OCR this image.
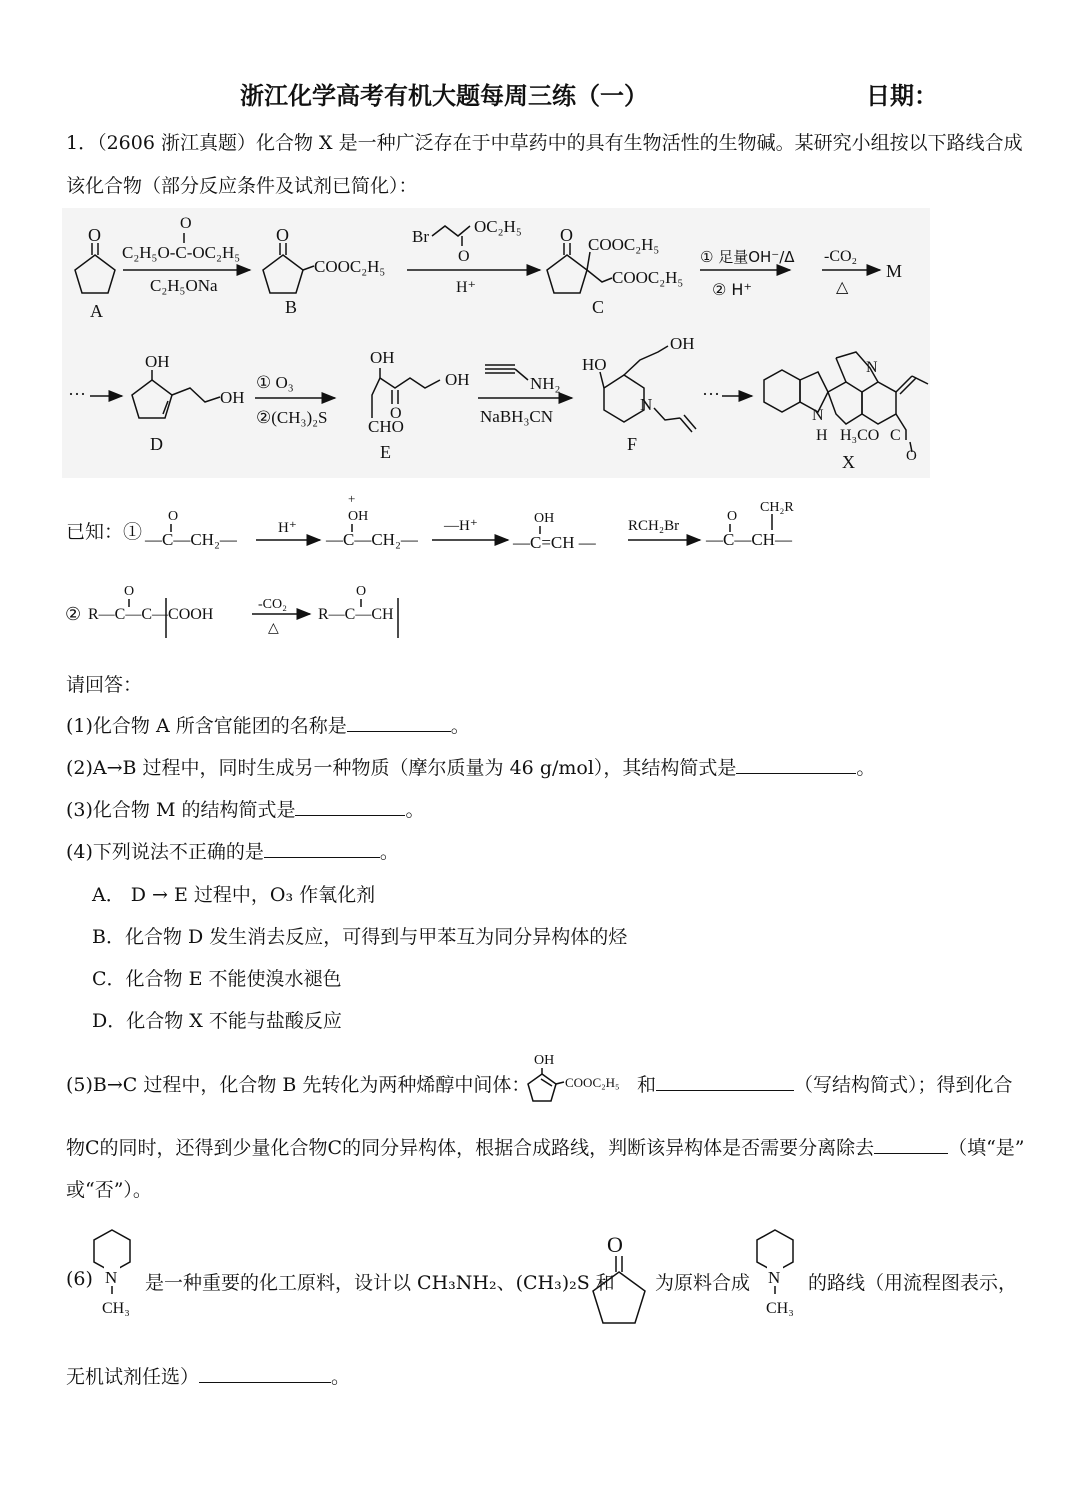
浙江化学高考有机大题每周三练（一）	日期：
1．（2606 浙江真题）化合物 X 是一种广泛存在于中草药中的具有生物活性的生物碱。某研究小组按以下路线合成
该化合物（部分反应条件及试剂已简化）：
O
A
O
C₂H₅O-C-OC₂H₅
C₂H₅ONa
O
COOC₂H₅
B
Br
O
OC₂H₅
H⁺
O COOC₂H₅
COOC₂H₅
C
① 足量OH⁻/Δ
② H⁺
-CO₂
△
M
···
OH
OH
D
① O₃
②(CH₃)₂S
OH
O
OH
CHO
E
NH₂
NaBH₃CN
HO
OH
N
F
···
N
N
H H₃CO C
O
X
已知：① —C—CH₂—
O
H⁺
—C—CH₂—
+
OH
—H⁺
—C=CH —
OH	RCH₂Br
—C—CH—
O
CH₂R
② R—C—C—COOH
O
-CO₂
△
R—C—CH
O
请回答：
(1)化合物 A 所含官能团的名称是	。
(2)A→B 过程中，同时生成另一种物质（摩尔质量为 46 g/mol），其结构简式是	。
(3)化合物 M 的结构简式是	。
(4)下列说法不正确的是	。
A． D → E 过程中，O₃ 作氧化剂
B．化合物 D 发生消去反应，可得到与甲苯互为同分异构体的烃
C．化合物 E 不能使溴水褪色
D．化合物 X 不能与盐酸反应
(5)B→C 过程中，化合物 B 先转化为两种烯醇中间体：
OH
COOC₂H₅ 和	（写结构简式）；得到化合
物C的同时，还得到少量化合物C的同分异构体，根据合成路线，判断该异构体是否需要分离除去	（填“是”
或“否”）。
(6) N
CH₃
是一种重要的化工原料，设计以 CH₃NH₂、(CH₃)₂S 和
O
为原料合成 N
CH₃
的路线（用流程图表示，
无机试剂任选）	。
